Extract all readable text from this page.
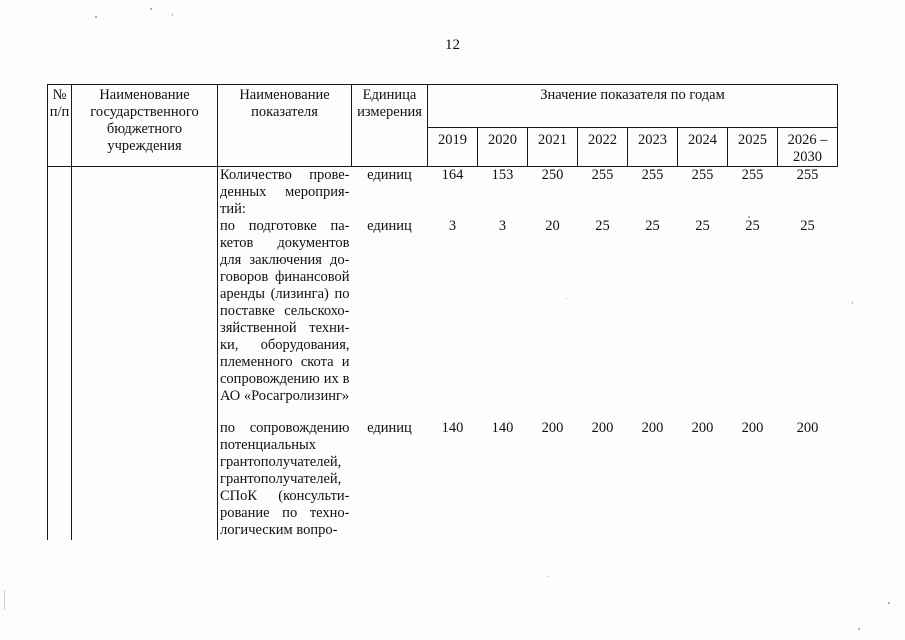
12
№ п/п	Наименование государственного бюджетного учреждения	Наименование показателя	Единица измерения	Значение показателя по годам							
				2019	2020	2021	2022	2023	2024	2025	2026 – 2030
		Количество прове-денных мероприя-тий:	единиц	164	153	250	255	255	255	255	255
		по подготовке па-кетов документов для заключения до-говоров финансовой аренды (лизинга) по поставке сельскохо-зяйственной техни-ки, оборудования, племенного скота и сопровождению их в АО «Росагролизинг»	единиц	3	3	20	25	25	25	25	25
		по сопровождению потенциальных грантополучателей, грантополучателей, СПоК (консульти-рование по техно-логическим вопро-	единиц	140	140	200	200	200	200	200	200
